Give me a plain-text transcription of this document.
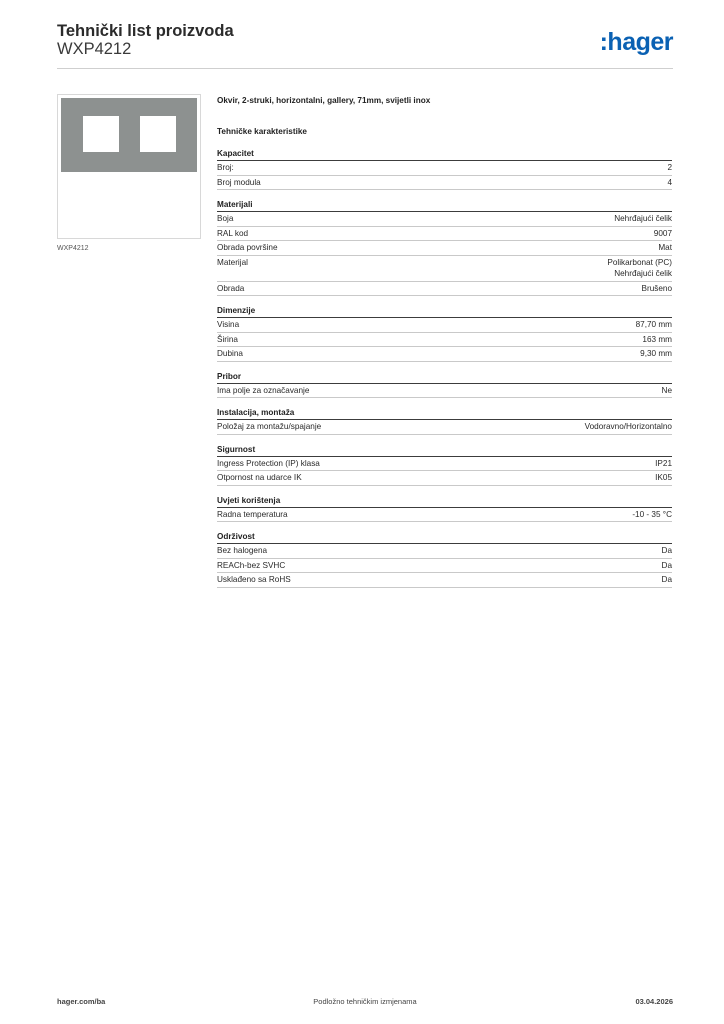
Tehnički list proizvoda
WXP4212	:hager
WXP4212
Okvir, 2-struki, horizontalni, gallery, 71mm, svijetli inox
Tehničke karakteristike
Kapacitet
Broj:	2
Broj modula	4
Materijali
Boja	Nehrđajući čelik
RAL kod	9007
Obrada površine	Mat
Materijal	Polikarbonat (PC)
Nehrđajući čelik
Obrada	Brušeno
Dimenzije
Visina	87,70 mm
Širina	163 mm
Dubina	9,30 mm
Pribor
Ima polje za označavanje	Ne
Instalacija, montaža
Položaj za montažu/spajanje	Vodoravno/Horizontalno
Sigurnost
Ingress Protection (IP) klasa	IP21
Otpornost na udarce IK	IK05
Uvjeti korištenja
Radna temperatura	-10 - 35 °C
Održivost
Bez halogena	Da
REACh-bez SVHC	Da
Usklađeno sa RoHS	Da
hager.com/ba	Podložno tehničkim izmjenama	03.04.2026
